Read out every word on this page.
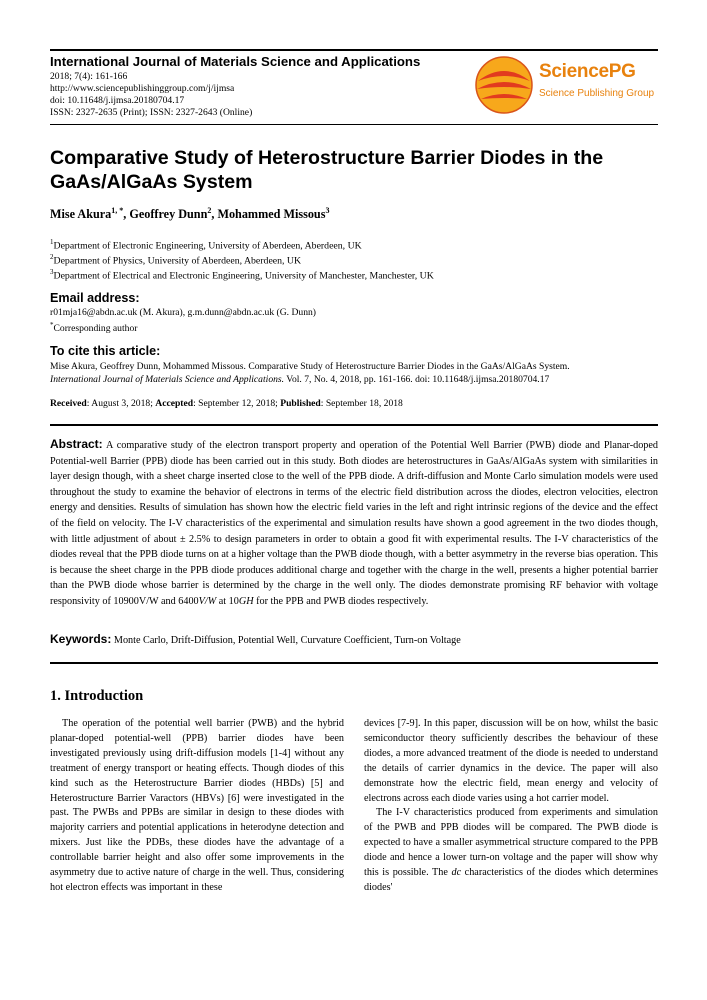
International Journal of Materials Science and Applications
2018; 7(4): 161-166
http://www.sciencepublishinggroup.com/j/ijmsa
doi: 10.11648/j.ijmsa.20180704.17
ISSN: 2327-2635 (Print); ISSN: 2327-2643 (Online)
SciencePG
Science Publishing Group
Comparative Study of Heterostructure Barrier Diodes in the GaAs/AlGaAs System
Mise Akura$^{1, *}$, Geoffrey Dunn$^2$, Mohammed Missous$^3$
$^1$Department of Electronic Engineering, University of Aberdeen, Aberdeen, UK
$^2$Department of Physics, University of Aberdeen, Aberdeen, UK
$^3$Department of Electrical and Electronic Engineering, University of Manchester, Manchester, UK
Email address:
r01mja16@abdn.ac.uk (M. Akura), g.m.dunn@abdn.ac.uk (G. Dunn)
*Corresponding author
To cite this article:
Mise Akura, Geoffrey Dunn, Mohammed Missous. Comparative Study of Heterostructure Barrier Diodes in the GaAs/AlGaAs System.
International Journal of Materials Science and Applications. Vol. 7, No. 4, 2018, pp. 161-166. doi: 10.11648/j.ijmsa.20180704.17
Received: August 3, 2018; Accepted: September 12, 2018; Published: September 18, 2018
Abstract: A comparative study of the electron transport property and operation of the Potential Well Barrier (PWB) diode and Planar-doped Potential-well Barrier (PPB) diode has been carried out in this study. Both diodes are heterostructures in GaAs/AlGaAs system with similarities in layer design though, with a sheet charge inserted close to the well of the PPB diode. A drift-diffusion and Monte Carlo simulation models were used throughout the study to examine the behavior of electrons in terms of the electric field distribution across the diodes, electron velocities, electron energy and densities. Results of simulation has shown how the electric field varies in the left and right intrinsic regions of the device and the effect of the field on velocity. The I-V characteristics of the experimental and simulation results have shown a good agreement in the two diodes though, with little adjustment of about ± 2.5% to design parameters in order to obtain a good fit with experimental results. The I-V characteristics of the diodes reveal that the PPB diode turns on at a higher voltage than the PWB diode though, with a better asymmetry in the reverse bias operation. This is because the sheet charge in the PPB diode produces additional charge and together with the charge in the well, presents a higher potential barrier than the PWB diode whose barrier is determined by the charge in the well only. The diodes demonstrate promising RF behavior with voltage responsivity of 10900V/W and 6400V/W at 10GH for the PPB and PWB diodes respectively.
Keywords: Monte Carlo, Drift-Diffusion, Potential Well, Curvature Coefficient, Turn-on Voltage
1. Introduction

The operation of the potential well barrier (PWB) and the hybrid planar-doped potential-well (PPB) barrier diodes have been investigated previously using drift-diffusion models [1-4] without any treatment of energy transport or heating effects. Though diodes of this kind such as the Heterostructure Barrier diodes (HBDs) [5] and Heterostructure Barrier Varactors (HBVs) [6] were investigated in the past. The PWBs and PPBs are similar in design to these diodes with majority carriers and potential applications in heterodyne detection and mixers. Just like the PDBs, these diodes have the advantage of a controllable barrier height and also offer some improvements in the asymmetry due to active nature of charge in the well. Thus, considering hot electron effects was important in these

devices [7-9]. In this paper, discussion will be on how, whilst the basic semiconductor theory sufficiently describes the behaviour of these diodes, a more advanced treatment of the diode is needed to understand the details of carrier dynamics in the device. The paper will also demonstrate how the electric field, mean energy and velocity of electrons across each diode varies using a hot carrier model.

The I-V characteristics produced from experiments and simulation of the PWB and PPB diodes will be compared. The PWB diode is expected to have a smaller asymmetrical structure compared to the PPB diode and hence a lower turn-on voltage and the paper will show why this is possible. The dc characteristics of the diodes which determines diodes'
